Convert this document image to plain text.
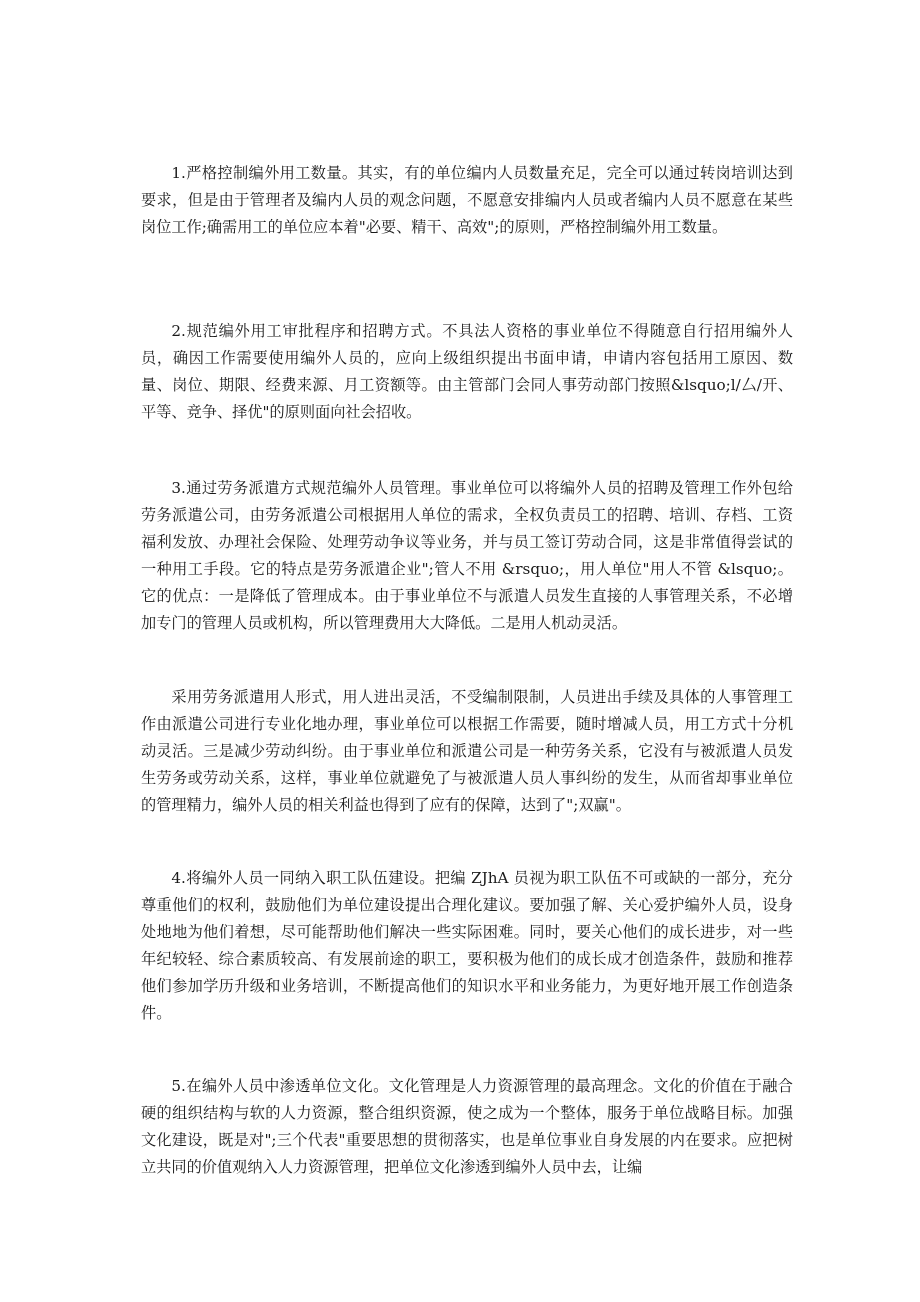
1.严格控制编外用工数量。其实，有的单位编内人员数量充足，完全可以通过转岗培训达到要求，但是由于管理者及编内人员的观念问题，不愿意安排编内人员或者编内人员不愿意在某些岗位工作;确需用工的单位应本着"必要、精干、高效";的原则，严格控制编外用工数量。

2.规范编外用工审批程序和招聘方式。不具法人资格的事业单位不得随意自行招用编外人员，确因工作需要使用编外人员的，应向上级组织提出书面申请，申请内容包括用工原因、数量、岗位、期限、经费来源、月工资额等。由主管部门会同人事劳动部门按照&lsquo;l/厶/开、平等、竞争、择优"的原则面向社会招收。

3.通过劳务派遣方式规范编外人员管理。事业单位可以将编外人员的招聘及管理工作外包给劳务派遣公司，由劳务派遣公司根据用人单位的需求，全权负责员工的招聘、培训、存档、工资福利发放、办理社会保险、处理劳动争议等业务，并与员工签订劳动合同，这是非常值得尝试的一种用工手段。它的特点是劳务派遣企业";管人不用 &rsquo;，用人单位"用人不管 &lsquo;。它的优点：一是降低了管理成本。由于事业单位不与派遣人员发生直接的人事管理关系，不必增加专门的管理人员或机构，所以管理费用大大降低。二是用人机动灵活。

采用劳务派遣用人形式，用人进出灵活，不受编制限制，人员进出手续及具体的人事管理工作由派遣公司进行专业化地办理，事业单位可以根据工作需要，随时增减人员，用工方式十分机动灵活。三是减少劳动纠纷。由于事业单位和派遣公司是一种劳务关系，它没有与被派遣人员发生劳务或劳动关系，这样，事业单位就避免了与被派遣人员人事纠纷的发生，从而省却事业单位的管理精力，编外人员的相关利益也得到了应有的保障，达到了";双赢"。

4.将编外人员一同纳入职工队伍建设。把编 ZJhA 员视为职工队伍不可或缺的一部分，充分尊重他们的权利，鼓励他们为单位建设提出合理化建议。要加强了解、关心爱护编外人员，设身处地地为他们着想，尽可能帮助他们解决一些实际困难。同时，要关心他们的成长进步，对一些年纪较轻、综合素质较高、有发展前途的职工，要积极为他们的成长成才创造条件，鼓励和推荐他们参加学历升级和业务培训，不断提高他们的知识水平和业务能力，为更好地开展工作创造条件。

5.在编外人员中渗透单位文化。文化管理是人力资源管理的最高理念。文化的价值在于融合硬的组织结构与软的人力资源，整合组织资源，使之成为一个整体，服务于单位战略目标。加强文化建设，既是对";三个代表"重要思想的贯彻落实，也是单位事业自身发展的内在要求。应把树立共同的价值观纳入人力资源管理，把单位文化渗透到编外人员中去，让编
